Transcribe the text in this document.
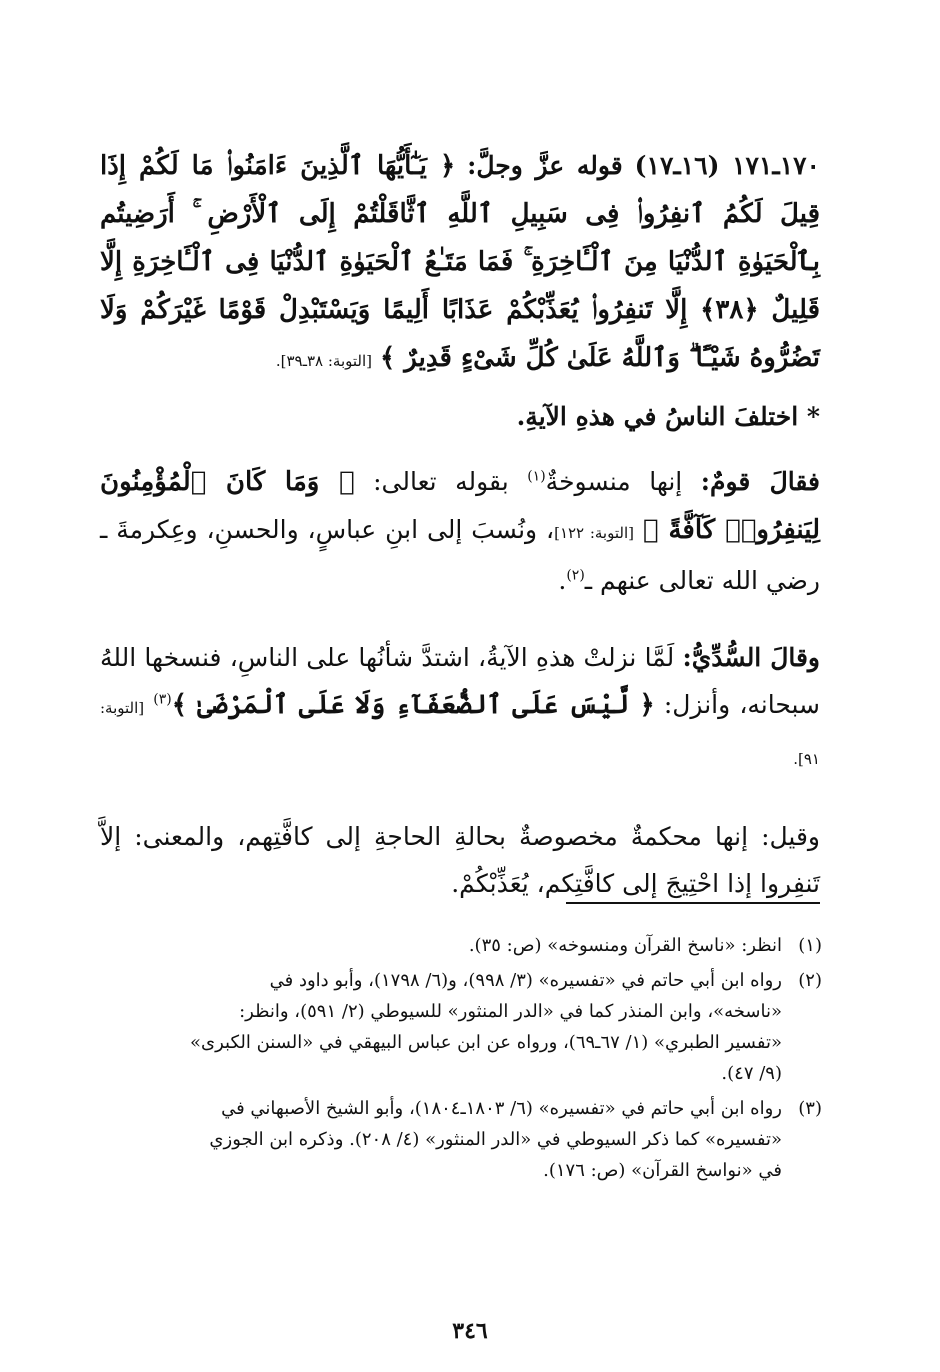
١٧٠ـ١٧١ (١٦ـ١٧) قوله عزَّ وجلَّ: ﴿ يَـٰٓأَيُّهَا ٱلَّذِينَ ءَامَنُوا۟ مَا لَكُمْ إِذَا قِيلَ لَكُمُ ٱنفِرُوا۟ فِى سَبِيلِ ٱللَّهِ ٱثَّاقَلْتُمْ إِلَى ٱلْأَرْضِ ۚ أَرَضِيتُم بِٱلْحَيَوٰةِ ٱلدُّنْيَا مِنَ ٱلْـَٔاخِرَةِ ۚ فَمَا مَتَـٰعُ ٱلْحَيَوٰةِ ٱلدُّنْيَا فِى ٱلْـَٔاخِرَةِ إِلَّا قَلِيلٌ ﴿٣٨﴾ إِلَّا تَنفِرُوا۟ يُعَذِّبْكُمْ عَذَابًا أَلِيمًا وَيَسْتَبْدِلْ قَوْمًا غَيْرَكُمْ وَلَا تَضُرُّوهُ شَيْـًٔا ۗ وَٱللَّهُ عَلَىٰ كُلِّ شَىْءٍ قَدِيرٌ ﴾ [التوبة: ٣٨ـ٣٩].

* اختلفَ الناسُ في هذهِ الآيةِ.

فقالَ قومٌ: إنها منسوخةٌ$^{(١)}$ بقوله تعالى: ﴿ وَمَا كَانَ ٱلْمُؤْمِنُونَ لِيَنفِرُوا۟ كَآفَّةً ﴾ [التوبة: ١٢٢]، ونُسبَ إلى ابنِ عباسٍ، والحسنِ، وعِكرمةَ ـ رضي الله تعالى عنهم ـ$^{(٢)}$.

وقالَ السُّدِّيُّ: لَمَّا نزلتْ هذهِ الآيةُ، اشتدَّ شأنُها على الناسِ، فنسخها اللهُ سبحانه، وأنزل: ﴿ لَّيْسَ عَلَى ٱلضُّعَفَآءِ وَلَا عَلَى ٱلْمَرْضَىٰ ﴾$^{(٣)}$ [التوبة: ٩١].

وقيل: إنها محكمةٌ مخصوصةٌ بحالةِ الحاجةِ إلى كافَّتِهم، والمعنى: إلاَّ تَنفِروا إذا احْتِيجَ إلى كافَّتِكم، يُعَذِّبْكُمْ.

(١)
انظر: «ناسخ القرآن ومنسوخه» (ص: ٣٥).
(٢)
رواه ابن أبي حاتم في «تفسيره» (٣/ ٩٩٨)، و(٦/ ١٧٩٨)، وأبو داود في
«ناسخه»، وابن المنذر كما في «الدر المنثور» للسيوطي (٢/ ٥٩١)، وانظر:
«تفسير الطبري» (١/ ٦٧ـ٦٩)، ورواه عن ابن عباس البيهقي في «السنن الكبرى»
(٩/ ٤٧).
(٣)
رواه ابن أبي حاتم في «تفسيره» (٦/ ١٨٠٣ـ١٨٠٤)، وأبو الشيخ الأصبهاني في
«تفسيره» كما ذكر السيوطي في «الدر المنثور» (٤/ ٢٠٨). وذكره ابن الجوزي
في «نواسخ القرآن» (ص: ١٧٦).
٣٤٦
